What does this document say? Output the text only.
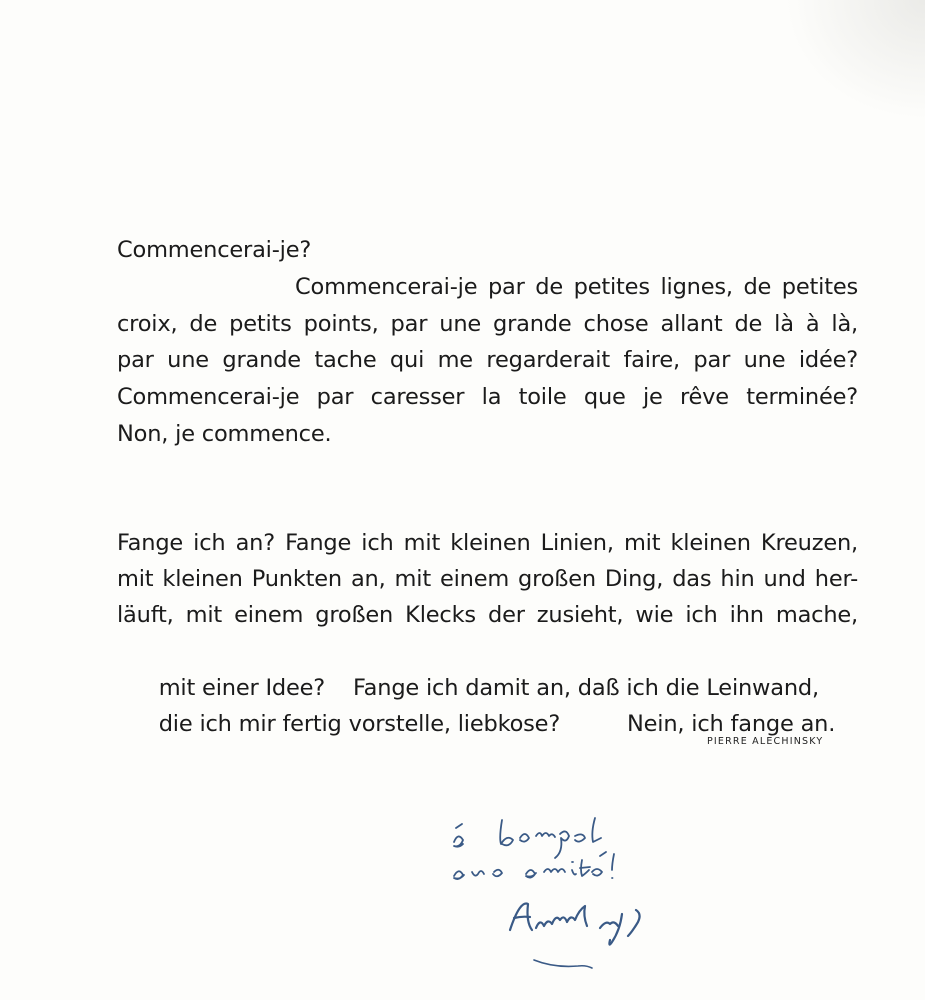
Commencerai-je?
Commencerai-je par de petites lignes, de petites
croix, de petits points, par une grande chose allant de là à là,
par une grande tache qui me regarderait faire, par une idée?
Commencerai-je par caresser la toile que je rêve terminée?
Non, je commence.
Fange ich an? Fange ich mit kleinen Linien, mit kleinen Kreuzen,
mit kleinen Punkten an, mit einem großen Ding, das hin und her-
läuft, mit einem großen Klecks der zusieht, wie ich ihn mache,

mit einer Idee? Fange ich damit an, daß ich die Leinwand,

die ich mir fertig vorstelle, liebkose?	Nein, ich fange an.

PIERRE ALECHINSKY
